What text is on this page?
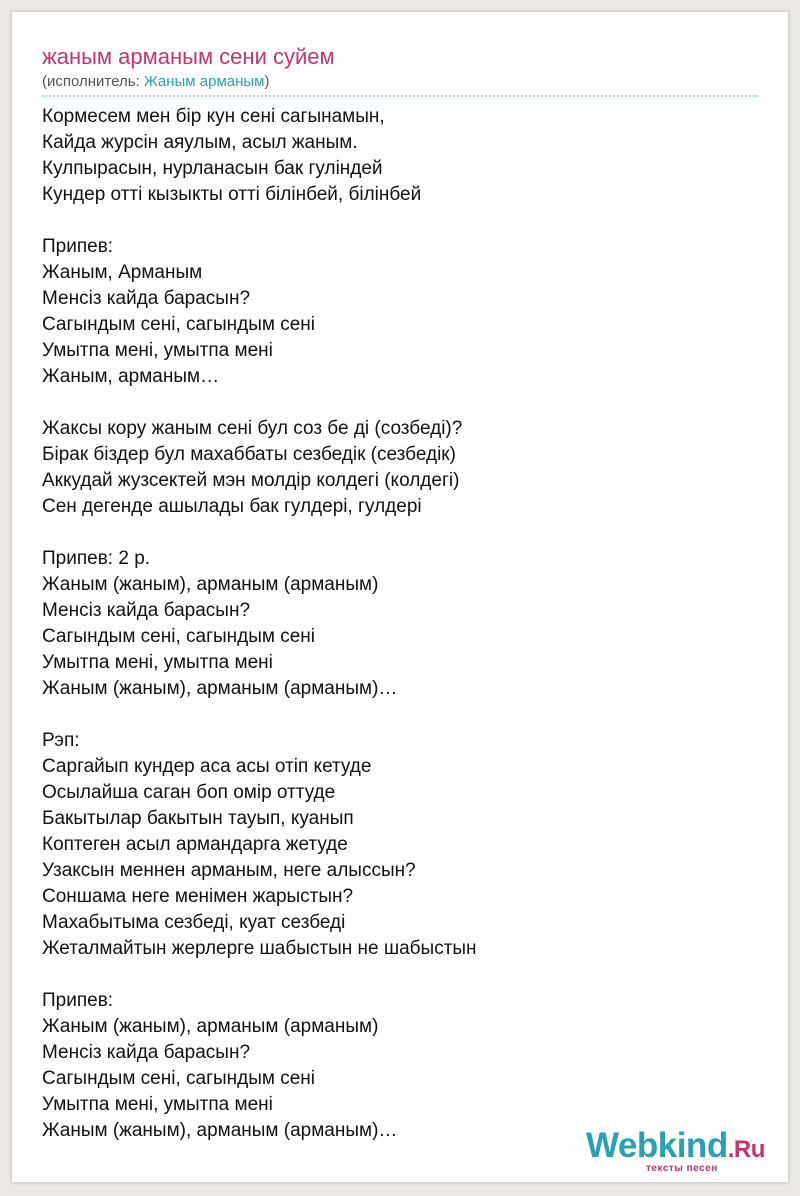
жаным арманым сени суйем
(исполнитель: Жаным арманым)
Кормесем мен бір кун сені сагынамын,
Кайда журсін аяулым, асыл жаным.
Кулпырасын, нурланасын бак гуліндей
Кундер отті кызыкты отті білінбей, білінбей
Припев:
Жаным, Арманым
Менсіз кайда барасын?
Сагындым сені, сагындым сені
Умытпа мені, умытпа мені
Жаным, арманым…
Жаксы кору жаным сені бул соз бе ді (созбеді)?
Бірак біздер бул махаббаты сезбедік (сезбедік)
Аккудай жузсектей мэн молдір колдегі (колдегі)
Сен дегенде ашылады бак гулдері, гулдері
Припев: 2 р.
Жаным (жаным), арманым (арманым)
Менсіз кайда барасын?
Сагындым сені, сагындым сені
Умытпа мені, умытпа мені
Жаным (жаным), арманым (арманым)…
Рэп:
Саргайып кундер аса асы отіп кетуде
Осылайша саган боп омір оттуде
Бакытылар бакытын тауып, куанып
Коптеген асыл армандарга жетуде
Узаксын меннен арманым, неге алыссын?
Соншама неге менімен жарыстын?
Махабытыма сезбеді, куат сезбеді
Жеталмайтын жерлерге шабыстын не шабыстын
Припев:
Жаным (жаным), арманым (арманым)
Менсіз кайда барасын?
Сагындым сені, сагындым сені
Умытпа мені, умытпа мені
Жаным (жаным), арманым (арманым)…	Webkind.Ru
тексты песен
